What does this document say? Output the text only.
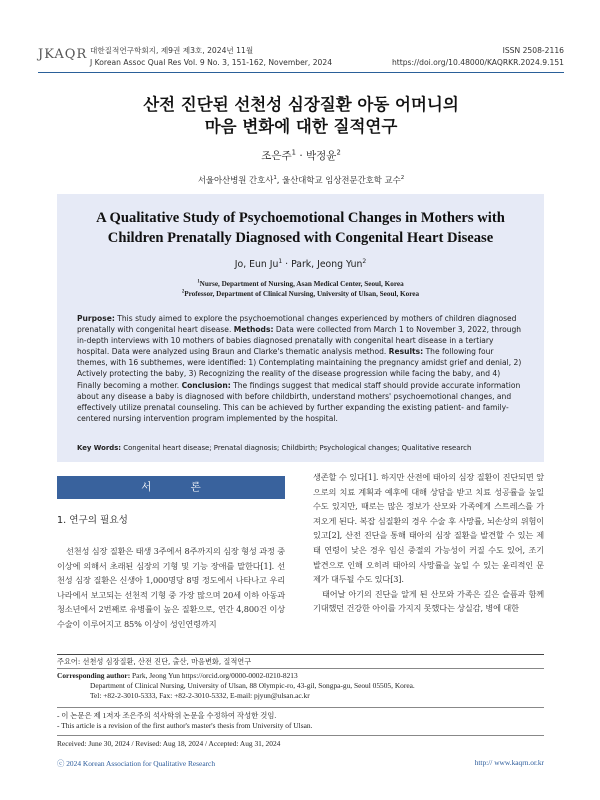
JKAQR 대한질적연구학회지, 제9권 제3호, 2024년 11월
J Korean Assoc Qual Res Vol. 9 No. 3, 151-162, November, 2024
ISSN 2508-2116
https://doi.org/10.48000/KAQRKR.2024.9.151
산전 진단된 선천성 심장질환 아동 어머니의
마음 변화에 대한 질적연구
조은주$^1$ · 박정윤$^2$
서울아산병원 간호사$^1$, 울산대학교 임상전문간호학 교수$^2$
A Qualitative Study of Psychoemotional Changes in Mothers with
Children Prenatally Diagnosed with Congenital Heart Disease
Jo, Eun $Ju^1$ · Park, Jeong Yun$^2$
$^1$Nurse, Department of Nursing, Asan Medical Center, Seoul, Korea
$^2$Professor, Department of Clinical Nursing, University of Ulsan, Seoul, Korea
Purpose: This study aimed to explore the psychoemotional changes experienced by mothers of children diagnosed prenatally with congenital heart disease. Methods: Data were collected from March 1 to November 3, 2022, through in-depth interviews with 10 mothers of babies diagnosed prenatally with congenital heart disease in a tertiary hospital. Data were analyzed using Braun and Clarke's thematic analysis method. Results: The following four themes, with 16 subthemes, were identified: 1) Contemplating maintaining the pregnancy amidst grief and denial, 2) Actively protecting the baby, 3) Recognizing the reality of the disease progression while facing the baby, and 4) Finally becoming a mother. Conclusion: The findings suggest that medical staff should provide accurate information about any disease a baby is diagnosed with before childbirth, understand mothers' psychoemotional changes, and effectively utilize prenatal counseling. This can be achieved by further expanding the existing patient- and family-centered nursing intervention program implemented by the hospital.
Key Words: Congenital heart disease; Prenatal diagnosis; Childbirth; Psychological changes; Qualitative research
서 론
1. 연구의 필요성
선천성 심장 질환은 태생 3주에서 8주까지의 심장 형성 과정 중 이상에 의해서 초래된 심장의 기형 및 기능 장애를 말한다[1]. 선천성 심장 질환은 신생아 1,000명당 8명 정도에서 나타나고 우리나라에서 보고되는 선천적 기형 중 가장 많으며 20세 이하 아동과 청소년에서 2번째로 유병률이 높은 질환으로, 연간 4,800건 이상 수술이 이루어지고 85% 이상이 성인연령까지
생존할 수 있다[1]. 하지만 산전에 태아의 심장 질환이 진단되면 앞으로의 치료 계획과 예후에 대해 상담을 받고 치료 성공률을 높일 수도 있지만, 때로는 많은 정보가 산모와 가족에게 스트레스를 가져오게 된다. 복잡 심질환의 경우 수술 후 사망률, 뇌손상의 위험이 있고[2], 산전 진단을 통해 태아의 심장 질환을 발견할 수 있는 제태 연령이 낮은 경우 임신 중절의 가능성이 커질 수도 있어, 조기 발견으로 인해 오히려 태아의 사망률을 높일 수 있는 윤리적인 문제가 대두될 수도 있다[3].
태어날 아기의 진단을 알게 된 산모와 가족은 깊은 슬픔과 함께 기대했던 건강한 아이를 가지지 못했다는 상실감, 병에 대한
주요어: 선천성 심장질환, 산전 진단, 출산, 마음변화, 질적연구
Corresponding author: Park, Jeong Yun https://orcid.org/0000-0002-0210-8213
Department of Clinical Nursing, University of Ulsan, 88 Olympic-ro, 43-gil, Songpa-gu, Seoul 05505, Korea.
Tel: +82-2-3010-5333, Fax: +82-2-3010-5332, E-mail: pjyun@ulsan.ac.kr
- 이 논문은 제 1저자 조은주의 석사학위 논문을 수정하여 작성한 것임.
- This article is a revision of the first author's master's thesis from University of Ulsan.
Received: June 30, 2024 / Revised: Aug 18, 2024 / Accepted: Aug 31, 2024
ⓒ 2024 Korean Association for Qualitative Research	http:// www.kaqrn.or.kr
